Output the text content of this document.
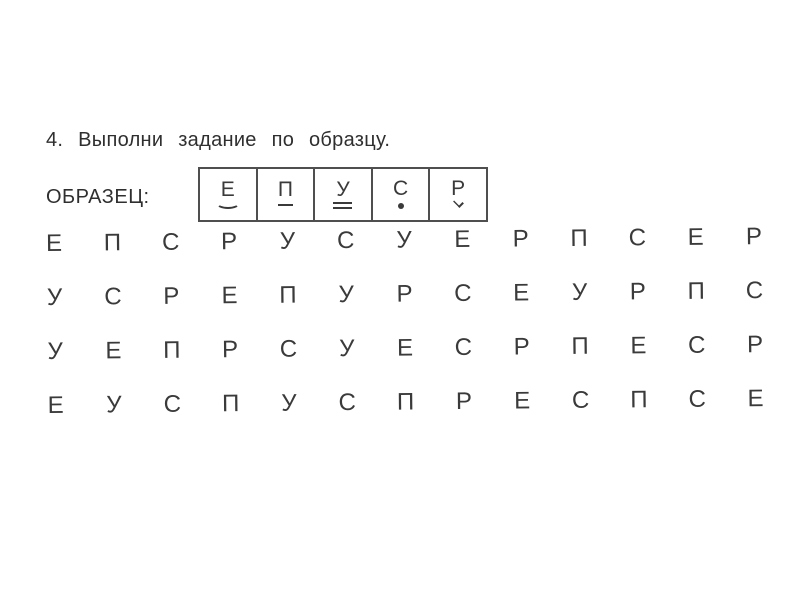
4. Выполни задание по образцу.
ОБРАЗЕЦ:	Е П У С Р
Е П С Р У С У Е Р П С Е Р
У С Р Е П У Р С Е У Р П С
У Е П Р С У Е С Р П Е С Р
Е У С П У С П Р Е С П С Е
